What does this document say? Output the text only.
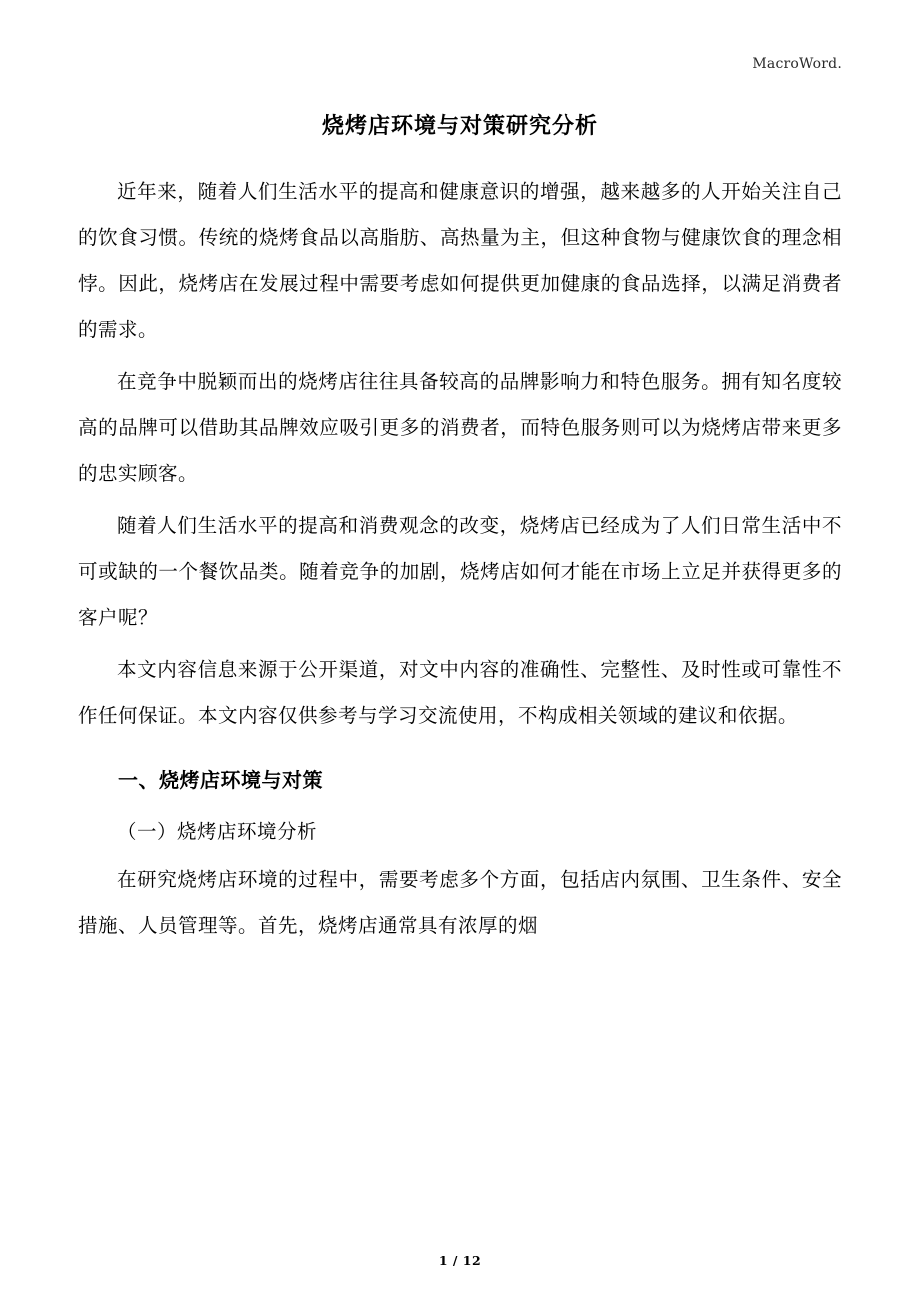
MacroWord.
烧烤店环境与对策研究分析

近年来，随着人们生活水平的提高和健康意识的增强，越来越多的人开始关注自己的饮食习惯。传统的烧烤食品以高脂肪、高热量为主，但这种食物与健康饮食的理念相悖。因此，烧烤店在发展过程中需要考虑如何提供更加健康的食品选择，以满足消费者的需求。

在竞争中脱颖而出的烧烤店往往具备较高的品牌影响力和特色服务。拥有知名度较高的品牌可以借助其品牌效应吸引更多的消费者，而特色服务则可以为烧烤店带来更多的忠实顾客。

随着人们生活水平的提高和消费观念的改变，烧烤店已经成为了人们日常生活中不可或缺的一个餐饮品类。随着竞争的加剧，烧烤店如何才能在市场上立足并获得更多的客户呢？

本文内容信息来源于公开渠道，对文中内容的准确性、完整性、及时性或可靠性不作任何保证。本文内容仅供参考与学习交流使用，不构成相关领域的建议和依据。

一、烧烤店环境与对策
（一）烧烤店环境分析

在研究烧烤店环境的过程中，需要考虑多个方面，包括店内氛围、卫生条件、安全措施、人员管理等。首先，烧烤店通常具有浓厚的烟

1 / 12
